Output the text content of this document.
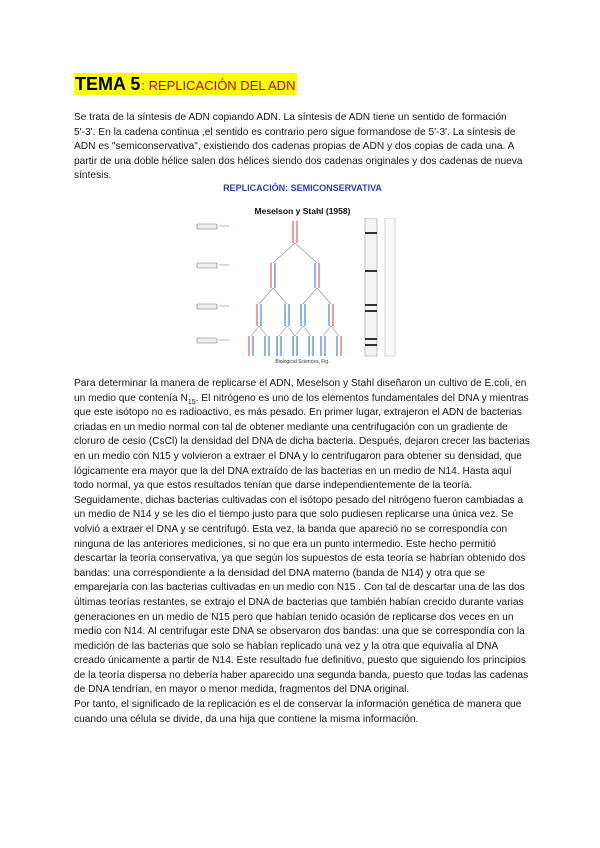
TEMA 5: REPLICACIÓN DEL ADN

Se trata de la síntesis de ADN copiando ADN. La síntesis de ADN tiene un sentido de formación 5'-3'. En la cadena continua ,el sentido es contrario pero sigue formandose de 5'-3'. La síntesis de ADN es "semiconservativa", existiendo dos cadenas propias de ADN y dos copias de cada una. A partir de una doble hélice salen dos hélices siendo dos cadenas originales y dos cadenas de nueva síntesis.

REPLICACIÓN: SEMICONSERVATIVA
Meselson y Stahl (1958)
Biological Sciences, Fig.

Para determinar la manera de replicarse el ADN, Meselson y Stahl diseñaron un cultivo de E.coli, en un medio que contenía $N_{15}$. El nitrógeno es uno de los elementos fundamentales del DNA y mientras que este isótopo no es radioactivo, es más pesado. En primer lugar, extrajeron el ADN de bacterias criadas en un medio normal con tal de obtener mediante una centrifugación con un gradiente de cloruro de cesio (CsCl) la densidad del DNA de dicha bacteria. Después, dejaron crecer las bacterias en un medio con N15 y volvieron a extraer el DNA y lo centrifugaron para obtener su densidad, que lógicamente era mayor que la del DNA extraído de las bacterias en un medio de N14. Hasta aquí todo normal, ya que estos resultados tenían que darse independientemente de la teoría. Seguidamente, dichas bacterias cultivadas con el isótopo pesado del nitrógeno fueron cambiadas a un medio de N14 y se les dio el tiempo justo para que solo pudiesen replicarse una única vez. Se volvió a extraer el DNA y se centrifugó. Esta vez, la banda que apareció no se correspondía con ninguna de las anteriores mediciones, si no que era un punto intermedio. Este hecho permitió descartar la teoría conservativa, ya que según los supuestos de esta teoría se habrían obtenido dos bandas: una correspondiente a la densidad del DNA materno (banda de N14) y otra que se emparejaría con las bacterias cultivadas en un medio con N15 . Con tal de descartar una de las dos últimas teorías restantes, se extrajo el DNA de bacterias que también habían crecido durante varias generaciones en un medio de N15 pero que habían tenido ocasión de replicarse dos veces en un medio con N14. Al centrifugar este DNA se observaron dos bandas: una que se correspondía con la medición de las bacterias que solo se habían replicado una vez y la otra que equivalía al DNA creado únicamente a partir de N14. Este resultado fue definitivo, puesto que siguiendo los principios de la teoría dispersa no debería haber aparecido una segunda banda, puesto que todas las cadenas de DNA tendrían, en mayor o menor medida, fragmentos del DNA original.
Por tanto, el significado de la replicación es el de conservar la información genética de manera que cuando una célula se divide, da una hija que contiene la misma información.
